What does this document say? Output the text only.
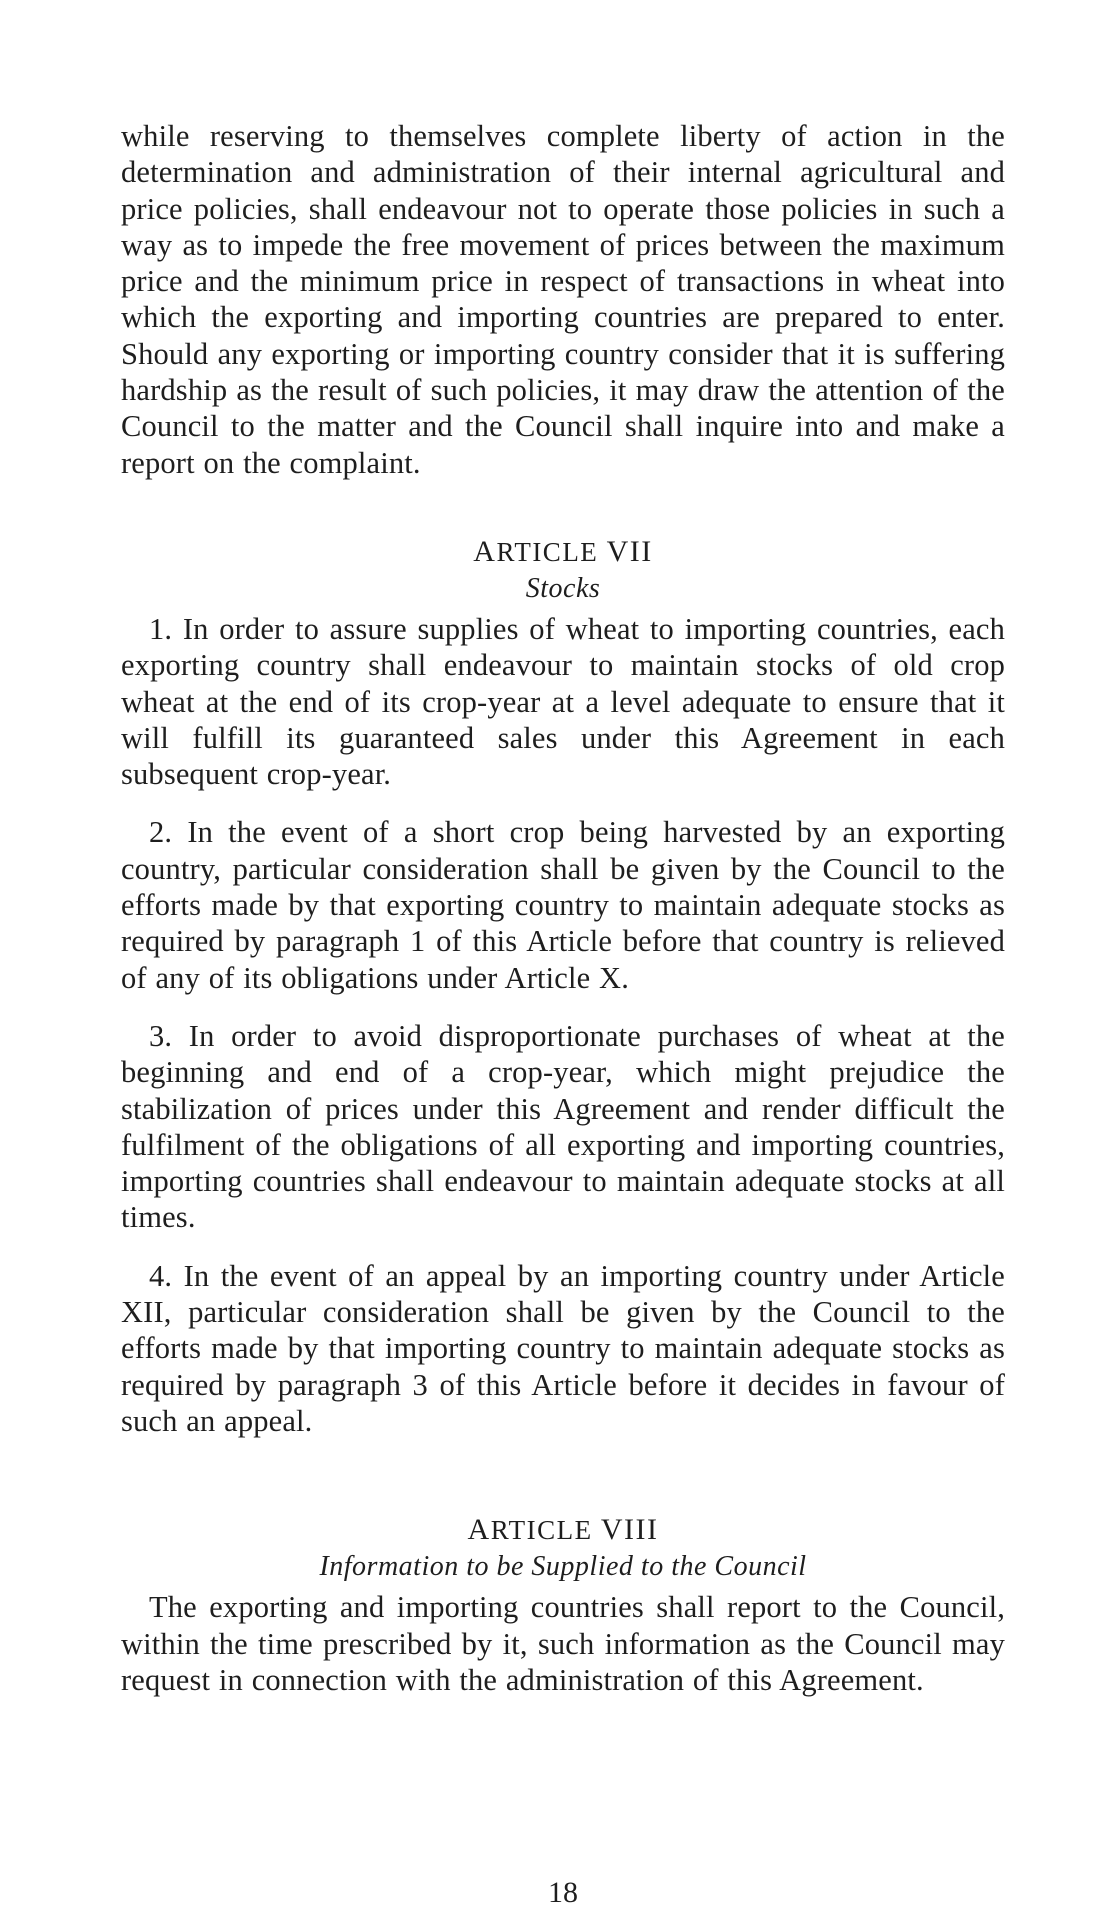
while reserving to themselves complete liberty of action in the determination and administration of their internal agricultural and price policies, shall endeavour not to operate those policies in such a way as to impede the free movement of prices between the maximum price and the minimum price in respect of transactions in wheat into which the exporting and importing countries are prepared to enter. Should any exporting or importing country consider that it is suffering hardship as the result of such policies, it may draw the attention of the Council to the matter and the Council shall inquire into and make a report on the complaint.

ARTICLE VII
Stocks

1. In order to assure supplies of wheat to importing countries, each exporting country shall endeavour to maintain stocks of old crop wheat at the end of its crop-year at a level adequate to ensure that it will fulfill its guaranteed sales under this Agreement in each subsequent crop-year.

2. In the event of a short crop being harvested by an exporting country, particular consideration shall be given by the Council to the efforts made by that exporting country to maintain adequate stocks as required by paragraph 1 of this Article before that country is relieved of any of its obligations under Article X.

3. In order to avoid disproportionate purchases of wheat at the beginning and end of a crop-year, which might prejudice the stabilization of prices under this Agreement and render difficult the fulfilment of the obligations of all exporting and importing countries, importing countries shall endeavour to maintain adequate stocks at all times.

4. In the event of an appeal by an importing country under Article XII, particular consideration shall be given by the Council to the efforts made by that importing country to maintain adequate stocks as required by paragraph 3 of this Article before it decides in favour of such an appeal.

ARTICLE VIII
Information to be Supplied to the Council

The exporting and importing countries shall report to the Council, within the time prescribed by it, such information as the Council may request in connection with the administration of this Agreement.

18
